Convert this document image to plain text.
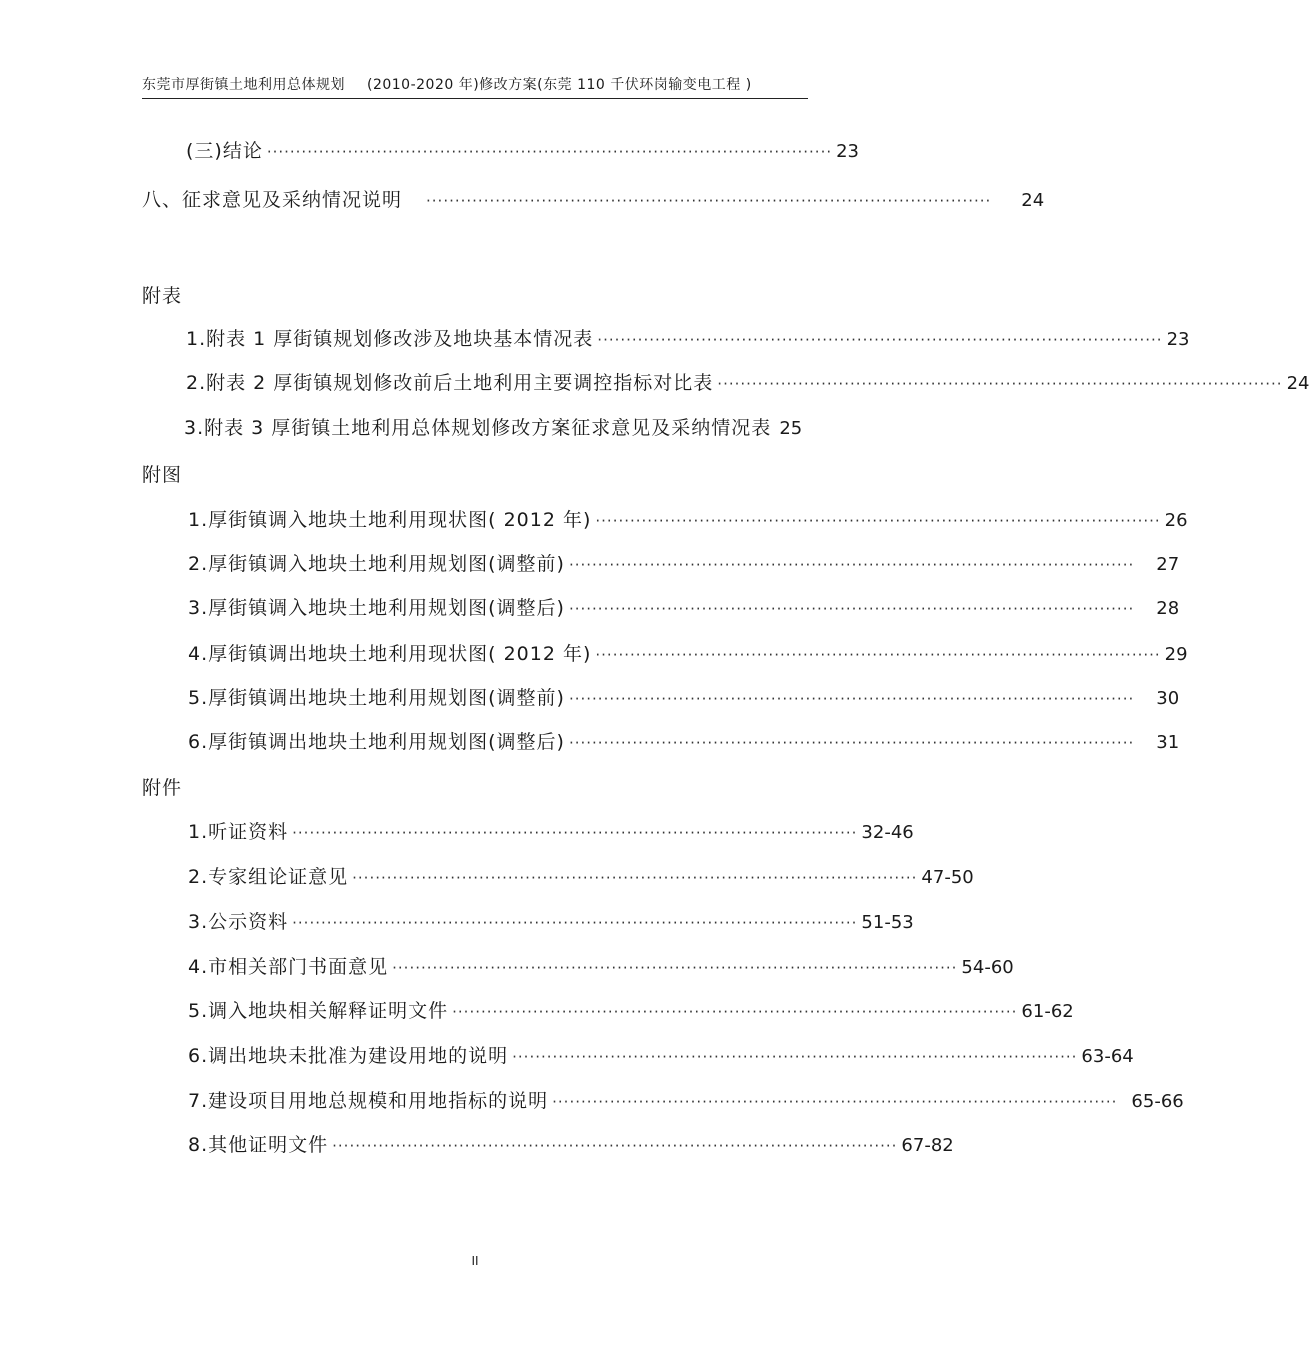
东莞市厚街镇土地利用总体规划 (2010-2020 年)修改方案(东莞 110 千伏环岗输变电工程 )
(三)结论 ·································································································· 23
八、征求意见及采纳情况说明 ·································································································· 24
附表
1.附表 1 厚街镇规划修改涉及地块基本情况表 ·································································································· 23
2.附表 2 厚街镇规划修改前后土地利用主要调控指标对比表 ·································································································· 24
3.附表 3 厚街镇土地利用总体规划修改方案征求意见及采纳情况表 25
附图
1.厚街镇调入地块土地利用现状图( 2012 年) ·································································································· 26
2.厚街镇调入地块土地利用规划图(调整前) ·································································································· 27
3.厚街镇调入地块土地利用规划图(调整后) ·································································································· 28
4.厚街镇调出地块土地利用现状图( 2012 年) ·································································································· 29
5.厚街镇调出地块土地利用规划图(调整前) ·································································································· 30
6.厚街镇调出地块土地利用规划图(调整后) ·································································································· 31
附件
1.听证资料 ·································································································· 32-46
2.专家组论证意见 ·································································································· 47-50
3.公示资料 ·································································································· 51-53
4.市相关部门书面意见 ·································································································· 54-60
5.调入地块相关解释证明文件 ·································································································· 61-62
6.调出地块未批准为建设用地的说明 ·································································································· 63-64
7.建设项目用地总规模和用地指标的说明 ·································································································· 65-66
8.其他证明文件 ·································································································· 67-82
II
